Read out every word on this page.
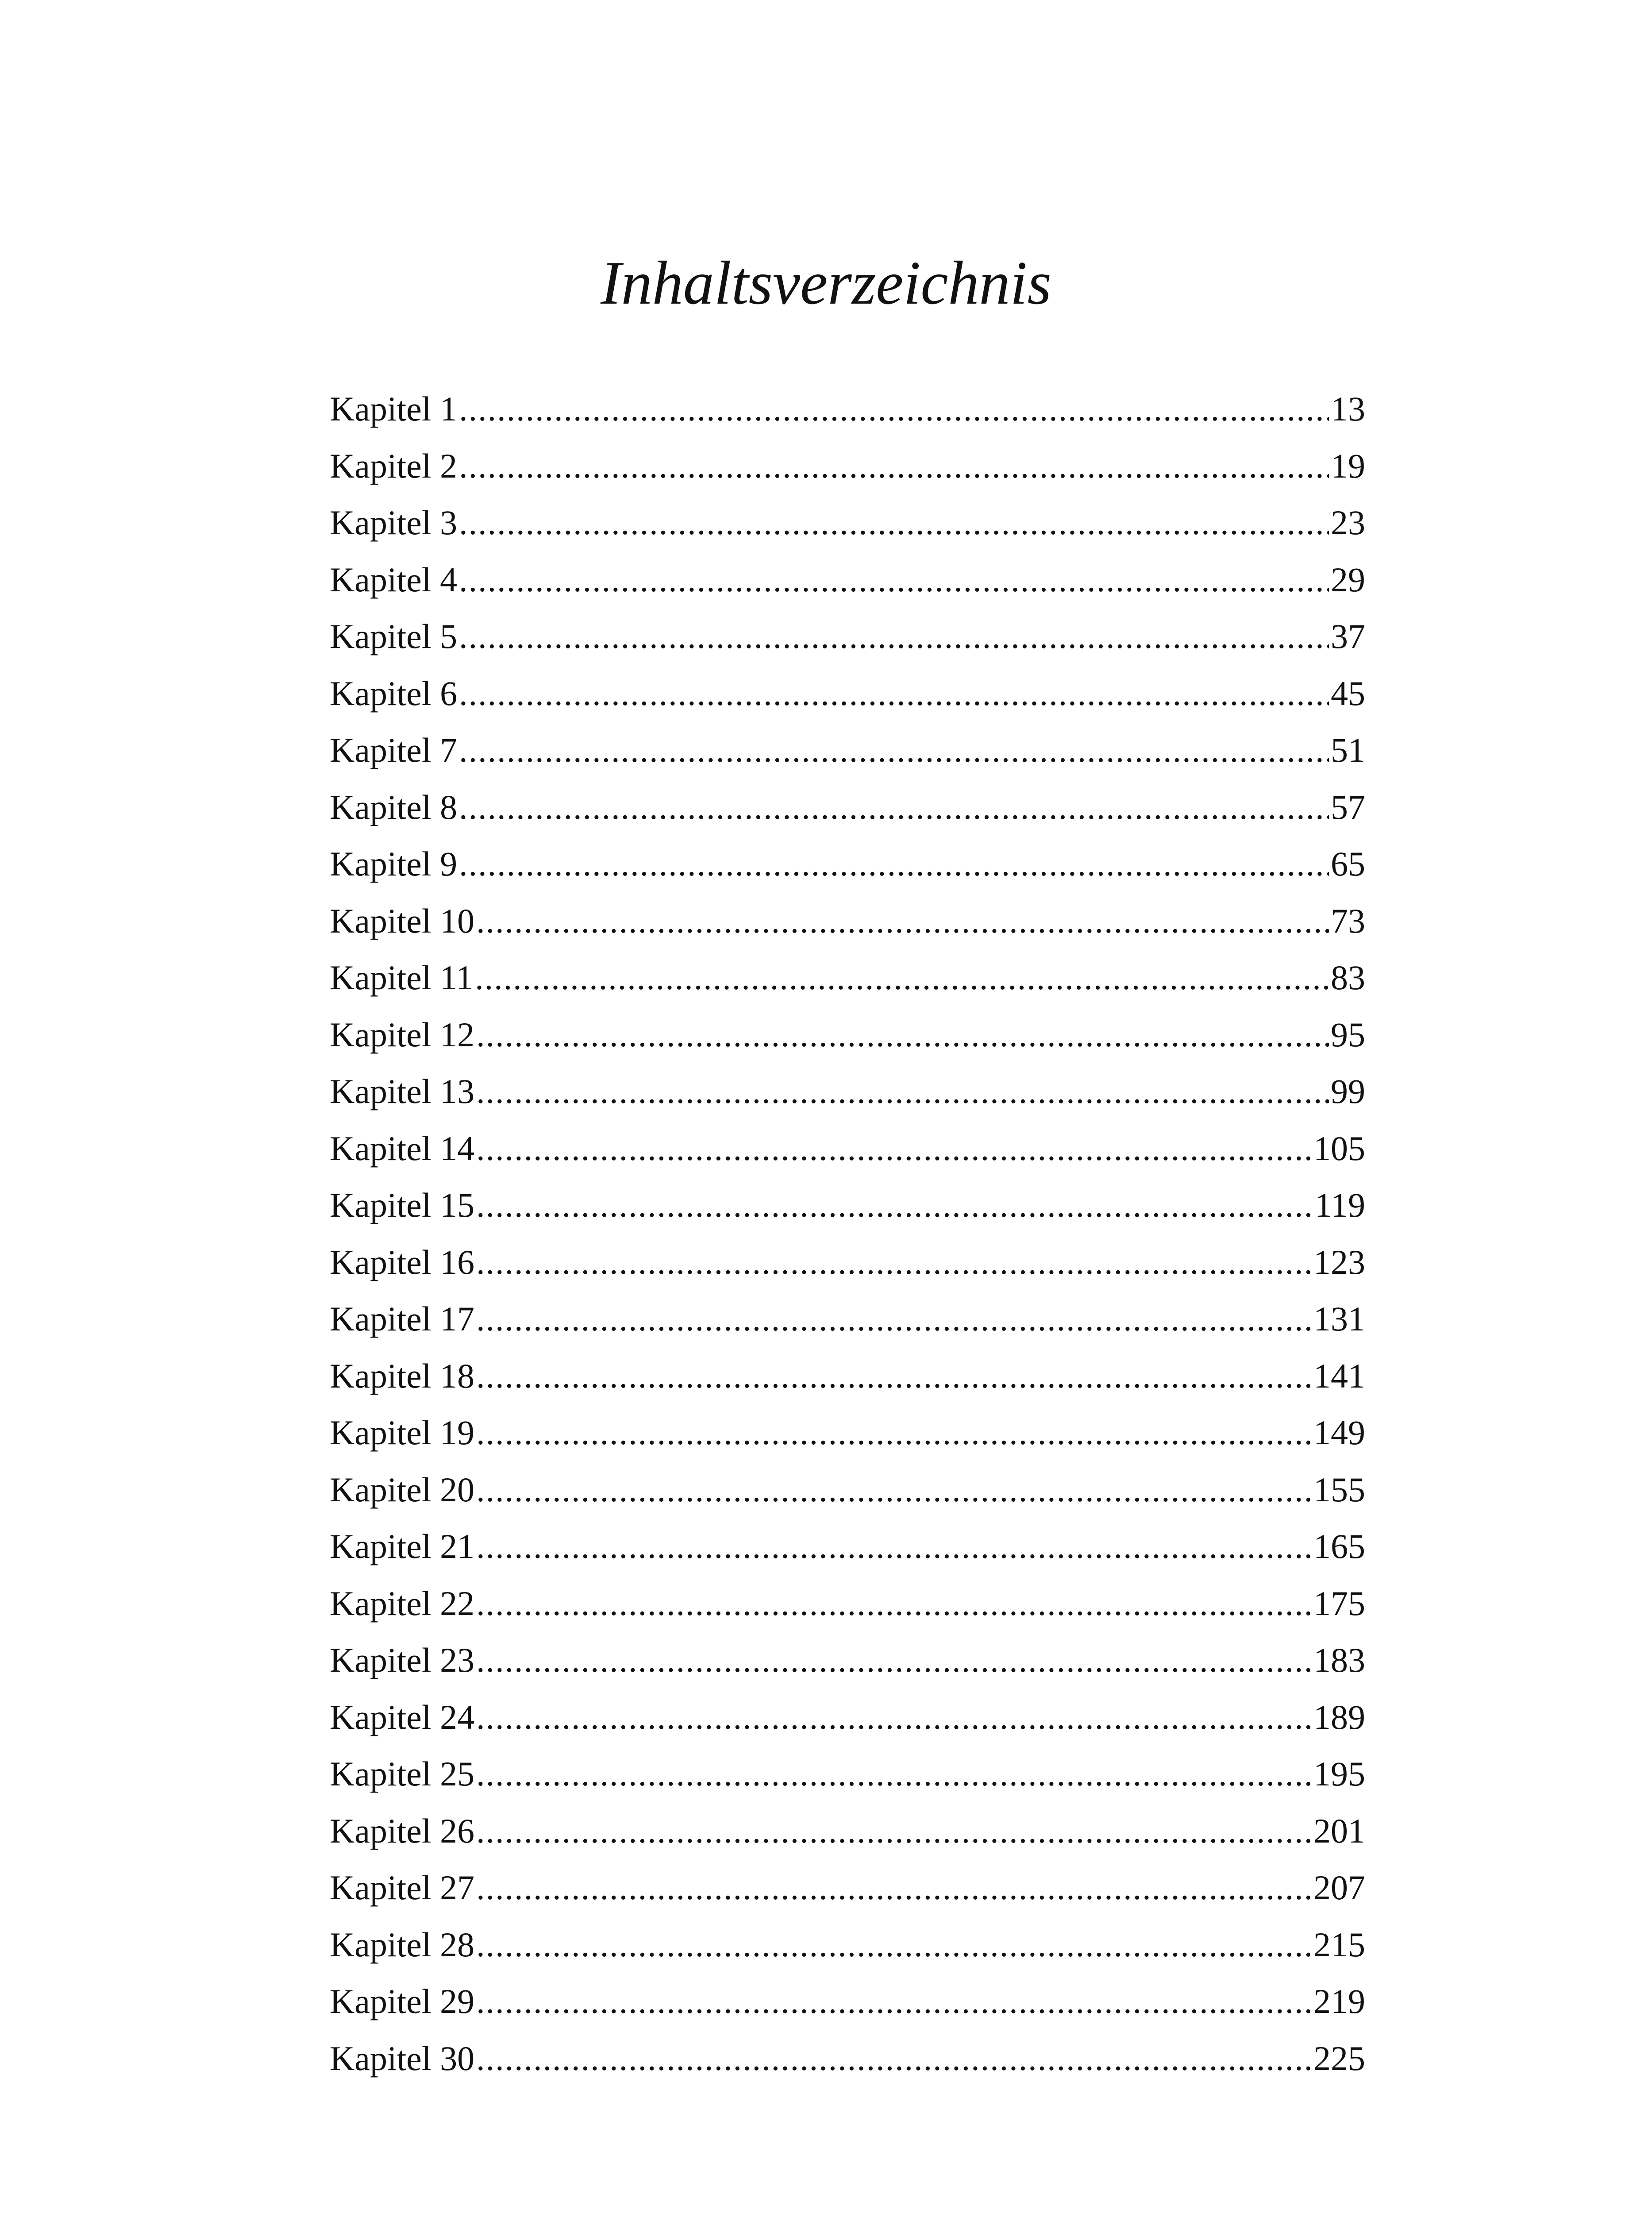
Inhaltsverzeichnis
Kapitel 1 .....	13
Kapitel 2 .....	19
Kapitel 3 .....	23
Kapitel 4 .....	29
Kapitel 5 .....	37
Kapitel 6 .....	45
Kapitel 7 .....	51
Kapitel 8 .....	57
Kapitel 9 .....	65
Kapitel 10 .....	73
Kapitel 11 .....	83
Kapitel 12 .....	95
Kapitel 13 .....	99
Kapitel 14 .....	105
Kapitel 15 .....	119
Kapitel 16 .....	123
Kapitel 17 .....	131
Kapitel 18 .....	141
Kapitel 19 .....	149
Kapitel 20 .....	155
Kapitel 21 .....	165
Kapitel 22 .....	175
Kapitel 23 .....	183
Kapitel 24 .....	189
Kapitel 25 .....	195
Kapitel 26 .....	201
Kapitel 27 .....	207
Kapitel 28 .....	215
Kapitel 29 .....	219
Kapitel 30 .....	225
